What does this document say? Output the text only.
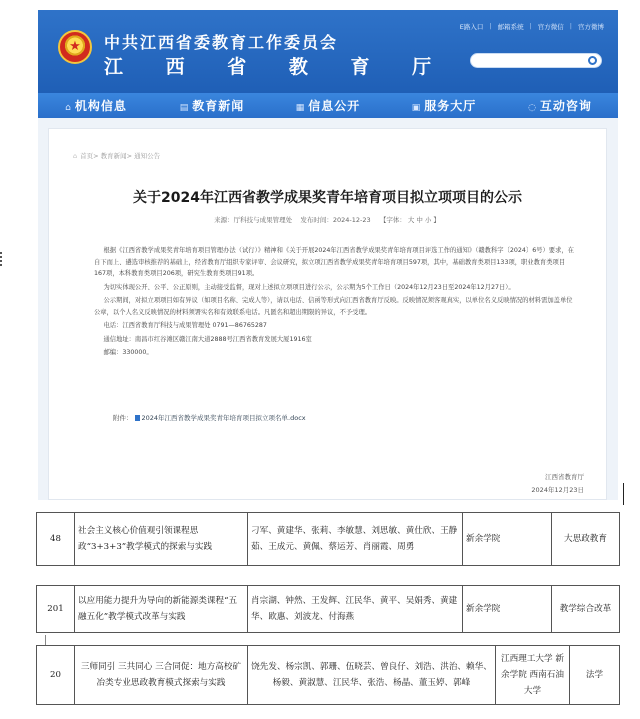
★
中共江西省委教育工作委员会
江 西 省 教 育 厅
E路入口 | 邮箱系统 | 官方微信 | 官方微博
⌂ 机构信息	▤ 教育新闻	▦ 信息公开	▣ 服务大厅	◌ 互动咨询
⌂ 首页> 教育新闻> 通知公告
关于2024年江西省教学成果奖青年培育项目拟立项项目的公示
来源：厅科技与成果管理处 发布时间：2024-12-23 【字体： 大 中 小 】

根据《江西省教学成果奖青年培育项目管理办法（试行）》精神和《关于开展2024年江西省教学成果奖青年培育项目评选工作的通知》（赣教科字〔2024〕6号）要求，在自下而上、遴选审核推荐的基础上，经省教育厅组织专家评审、会议研究，拟立项江西省教学成果奖青年培育项目597项，其中，基础教育类项目133项，职业教育类项目167项，本科教育类项目206项，研究生教育类项目91项。

为切实体现公开、公平、公正原则，主动接受监督，现对上述拟立项项目进行公示，公示期为5个工作日（2024年12月23日至2024年12月27日）。

公示期间，对拟立项项目如有异议（如项目名称、完成人等），请以电话、信函等形式向江西省教育厅反映。反映情况须客观真实，以单位名义反映情况的材料需加盖单位公章，以个人名义反映情况的材料须署实名和有效联系电话。凡匿名和超出期限的异议，不予受理。

电话：江西省教育厅科技与成果管理处 0791—86765287

通信地址：南昌市红谷滩区赣江南大道2888号江西省教育发展大厦1916室

邮编：330000。

附件： 2024年江西省教学成果奖青年培育项目拟立项名单.docx
江西省教育厅
2024年12月23日
48	社会主义核心价值观引领课程思政“3+3+3”教学模式的探索与实践	刁军、黄建华、张莉、李敏慧、刘思敏、黄仕欣、王静茹、王成元、黄佩、蔡运芳、肖丽霞、周勇	新余学院	大思政教育
201	以应用能力提升为导向的新能源类课程“五融五化”教学模式改革与实践	肖宗湖、钟然、王发辉、江民华、黄平、吴娟秀、黄建华、欧惠、刘波龙、付海燕	新余学院	教学综合改革
20	三师同引 三共同心 三合同促：地方高校矿冶类专业思政教育模式探索与实践	饶先发、杨宗凯、郭珊、伍晓芸、曾良仔、刘浩、洪治、赖华、杨毅、黄淑慧、江民华、张浩、杨晶、董玉婷、郭峰	江西理工大学 新余学院 西南石油大学	法学
